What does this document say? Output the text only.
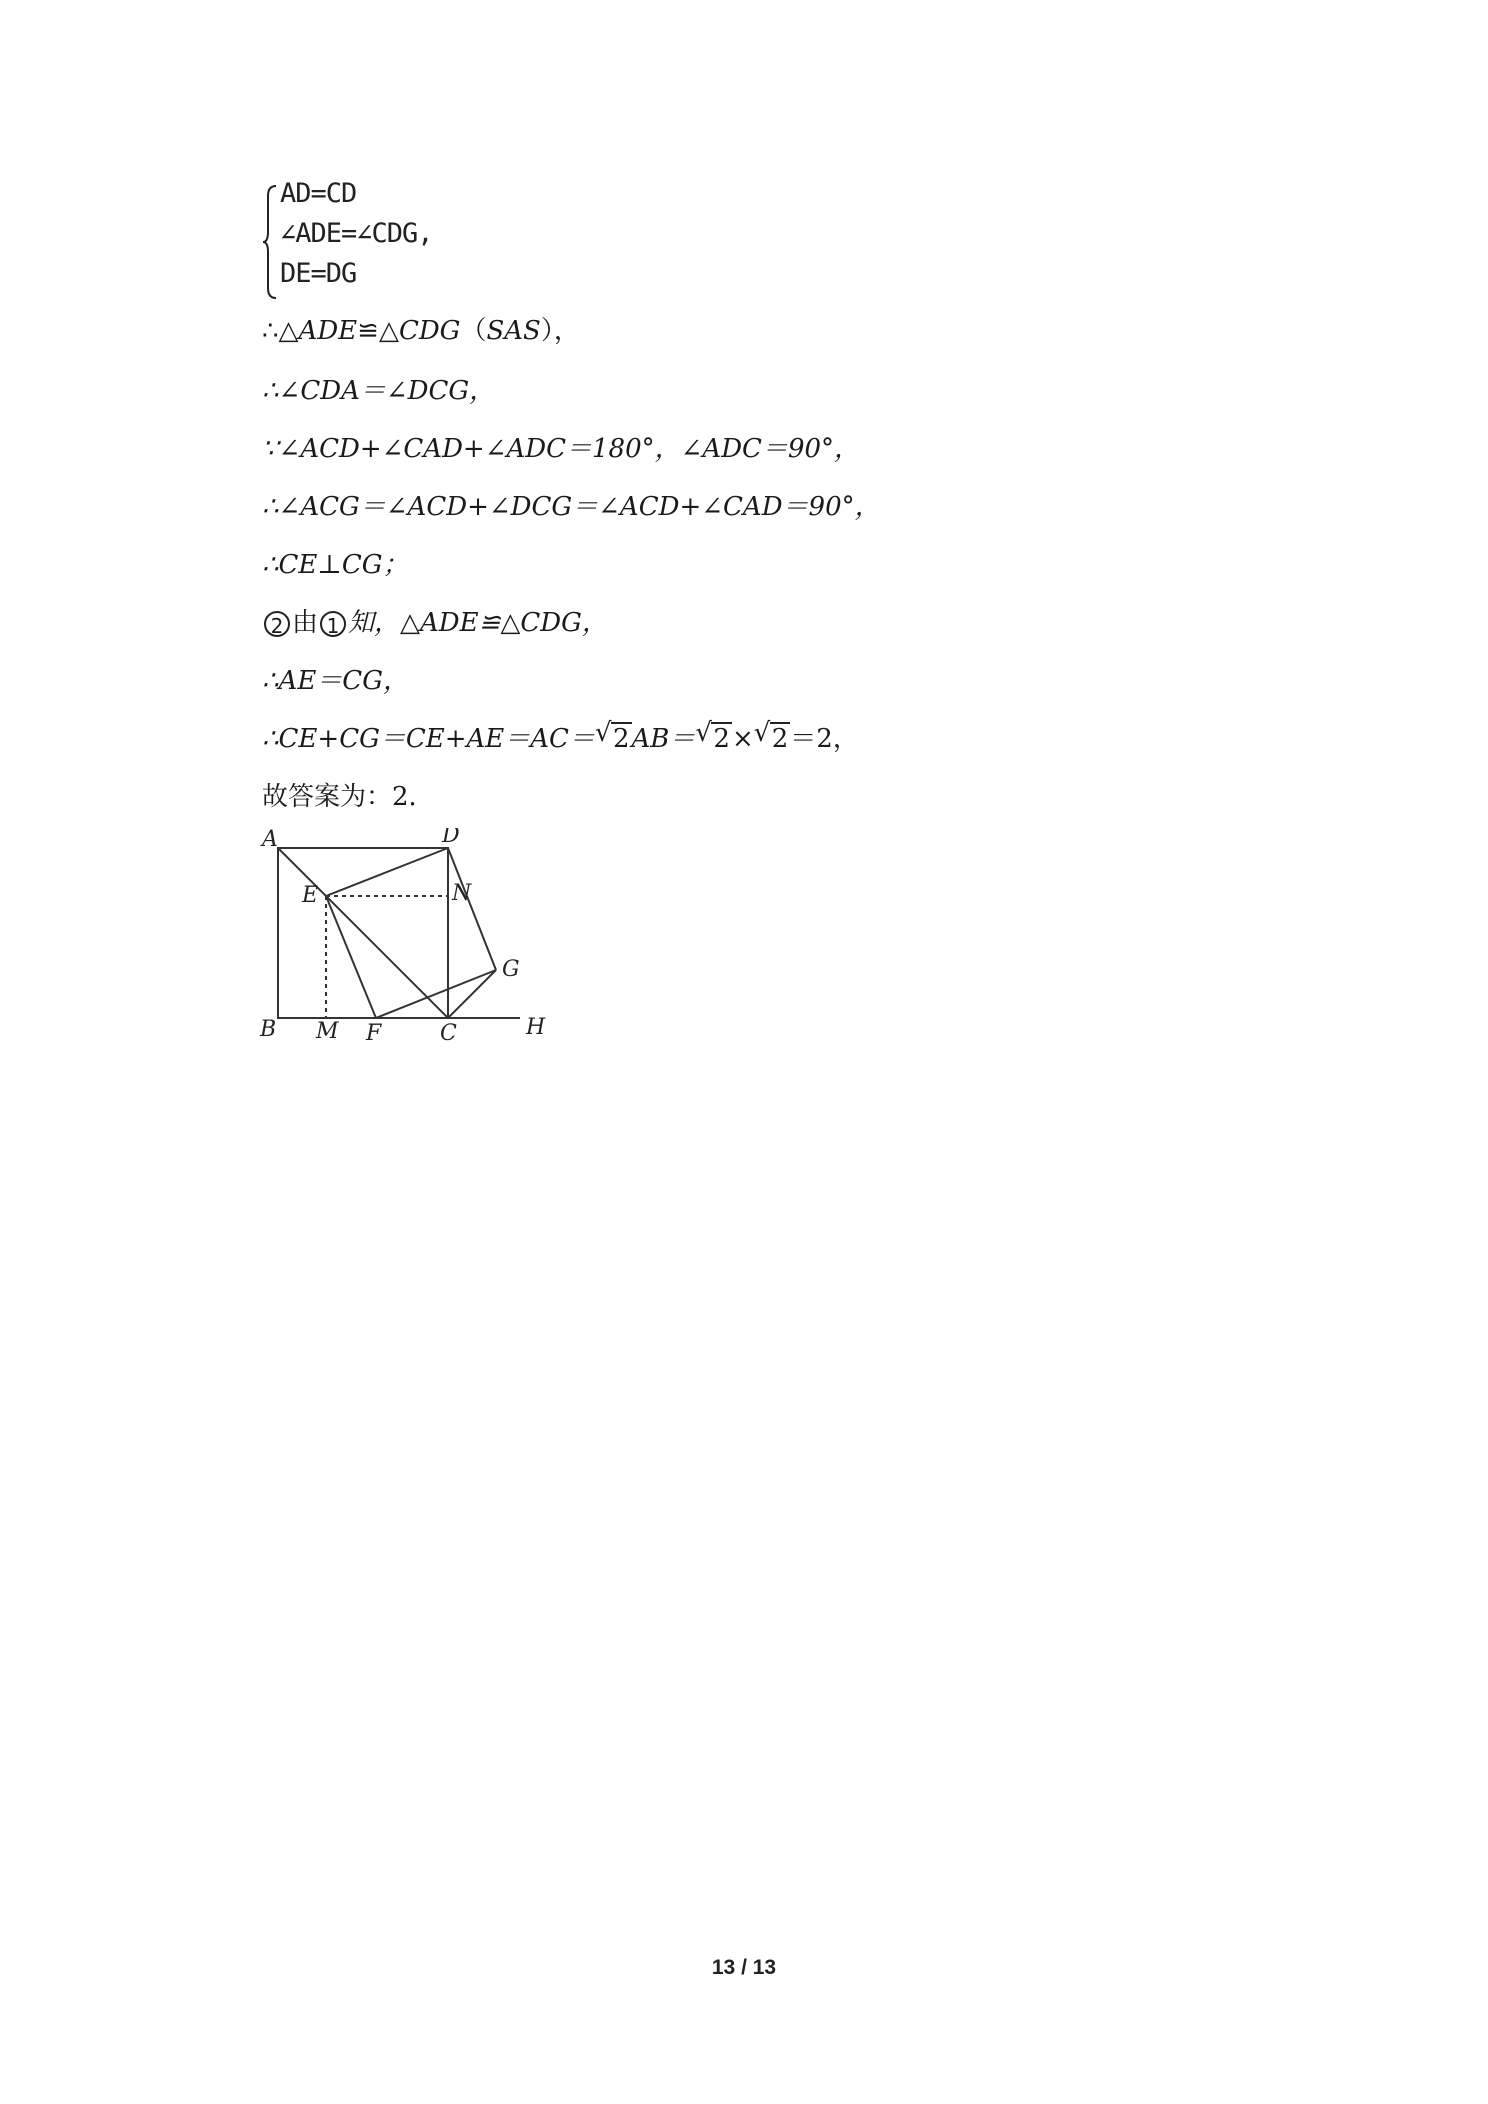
AD=CD
∠ADE=∠CDG,
DE=DG
∴△ADE≌△CDG（SAS），
∴∠CDA＝∠DCG，
∵∠ACD+∠CAD+∠ADC＝180°，∠ADC＝90°，
∴∠ACG＝∠ACD+∠DCG＝∠ACD+∠CAD＝90°，
∴CE⊥CG；
2 由 1 知，△ADE≌△CDG，
∴AE＝CG，
∴CE+CG＝CE+AE＝AC＝ √ 2AB＝ √ 2× √ 2＝2，
故答案为：2．
A	D
E	N
G
B M F	C	H
13 / 13
